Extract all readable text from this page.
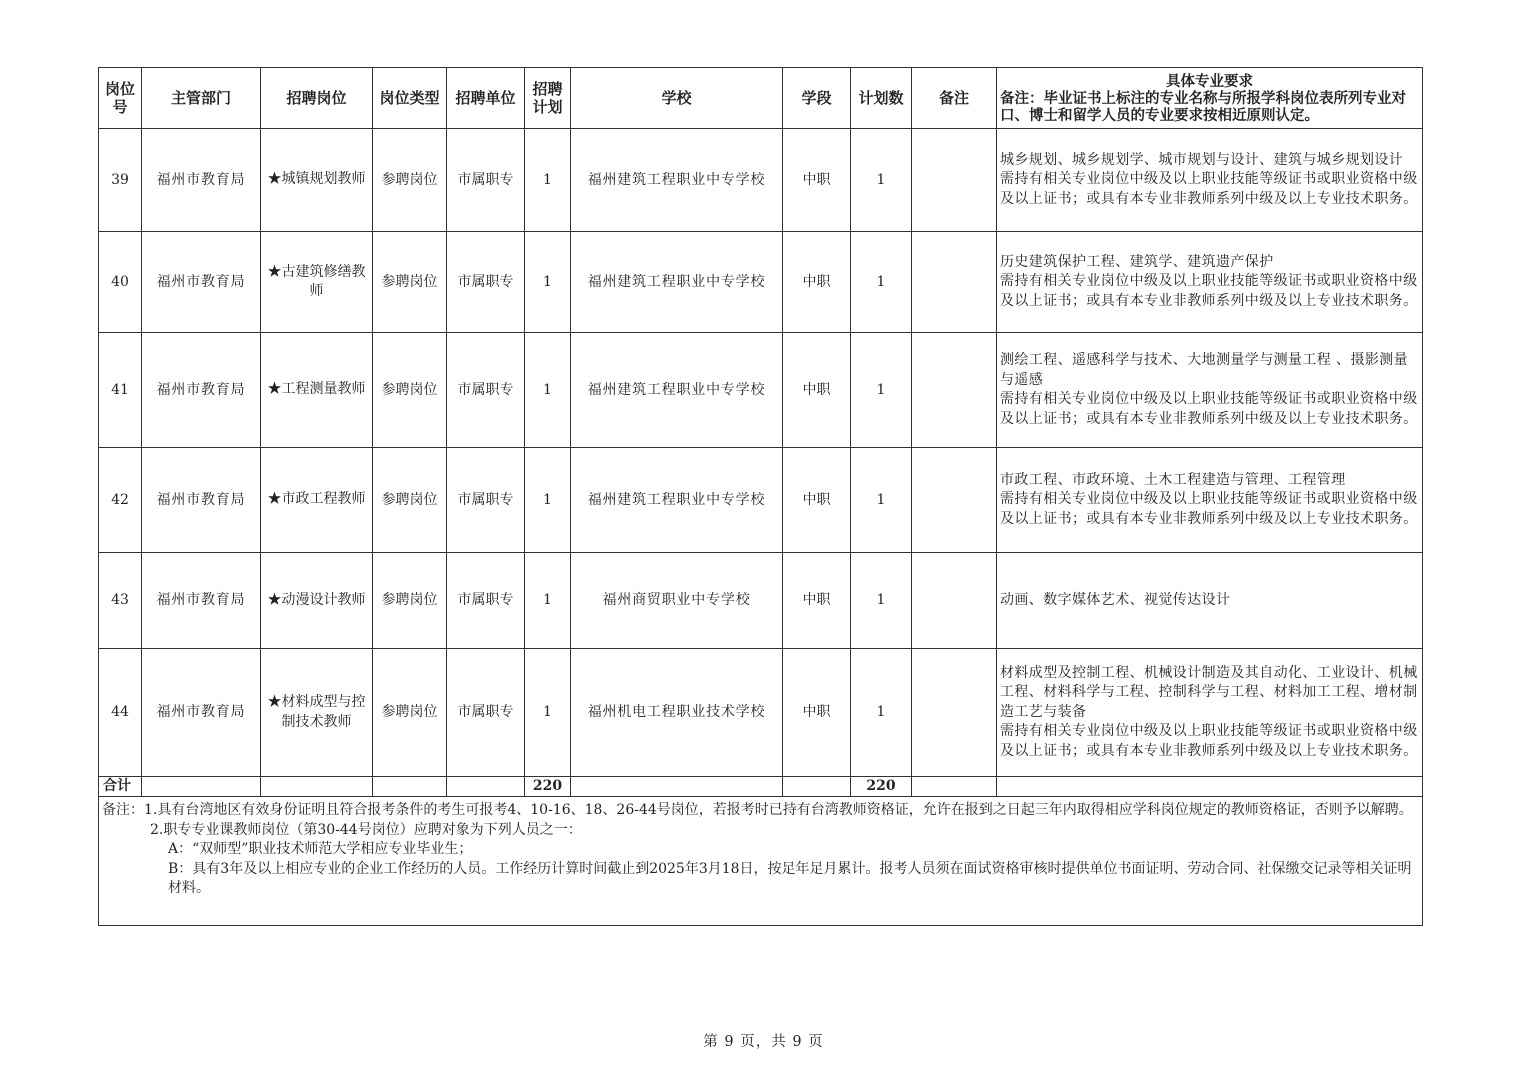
岗位号	主管部门	招聘岗位	岗位类型	招聘单位	招聘计划	学校	学段	计划数	备注	具体专业要求
备注：毕业证书上标注的专业名称与所报学科岗位表所列专业对口、博士和留学人员的专业要求按相近原则认定。

39	福州市教育局	★城镇规划教师	参聘岗位	市属职专	1	福州建筑工程职业中专学校	中职	1		城乡规划、城乡规划学、城市规划与设计、建筑与城乡规划设计
需持有相关专业岗位中级及以上职业技能等级证书或职业资格中级及以上证书；或具有本专业非教师系列中级及以上专业技术职务。

40	福州市教育局	★古建筑修缮教师	参聘岗位	市属职专	1	福州建筑工程职业中专学校	中职	1		历史建筑保护工程、建筑学、建筑遗产保护
需持有相关专业岗位中级及以上职业技能等级证书或职业资格中级及以上证书；或具有本专业非教师系列中级及以上专业技术职务。

41	福州市教育局	★工程测量教师	参聘岗位	市属职专	1	福州建筑工程职业中专学校	中职	1		测绘工程、遥感科学与技术、大地测量学与测量工程 、摄影测量与遥感
需持有相关专业岗位中级及以上职业技能等级证书或职业资格中级及以上证书；或具有本专业非教师系列中级及以上专业技术职务。

42	福州市教育局	★市政工程教师	参聘岗位	市属职专	1	福州建筑工程职业中专学校	中职	1		市政工程、市政环境、土木工程建造与管理、工程管理
需持有相关专业岗位中级及以上职业技能等级证书或职业资格中级及以上证书；或具有本专业非教师系列中级及以上专业技术职务。

43	福州市教育局	★动漫设计教师	参聘岗位	市属职专	1	福州商贸职业中专学校	中职	1		动画、数字媒体艺术、视觉传达设计

44	福州市教育局	★材料成型与控制技术教师	参聘岗位	市属职专	1	福州机电工程职业技术学校	中职	1		材料成型及控制工程、机械设计制造及其自动化、工业设计、机械工程、材料科学与工程、控制科学与工程、材料加工工程、增材制造工艺与装备
需持有相关专业岗位中级及以上职业技能等级证书或职业资格中级及以上证书；或具有本专业非教师系列中级及以上专业技术职务。

合计					220			220		

备注：1.具有台湾地区有效身份证明且符合报考条件的考生可报考4、10-16、18、26-44号岗位，若报考时已持有台湾教师资格证，允许在报到之日起三年内取得相应学科岗位规定的教师资格证，否则予以解聘。
2.职专专业课教师岗位（第30-44号岗位）应聘对象为下列人员之一：
A：“双师型”职业技术师范大学相应专业毕业生；
B：具有3年及以上相应专业的企业工作经历的人员。工作经历计算时间截止到2025年3月18日，按足年足月累计。报考人员须在面试资格审核时提供单位书面证明、劳动合同、社保缴交记录等相关证明材料。										
第 9 页，共 9 页
